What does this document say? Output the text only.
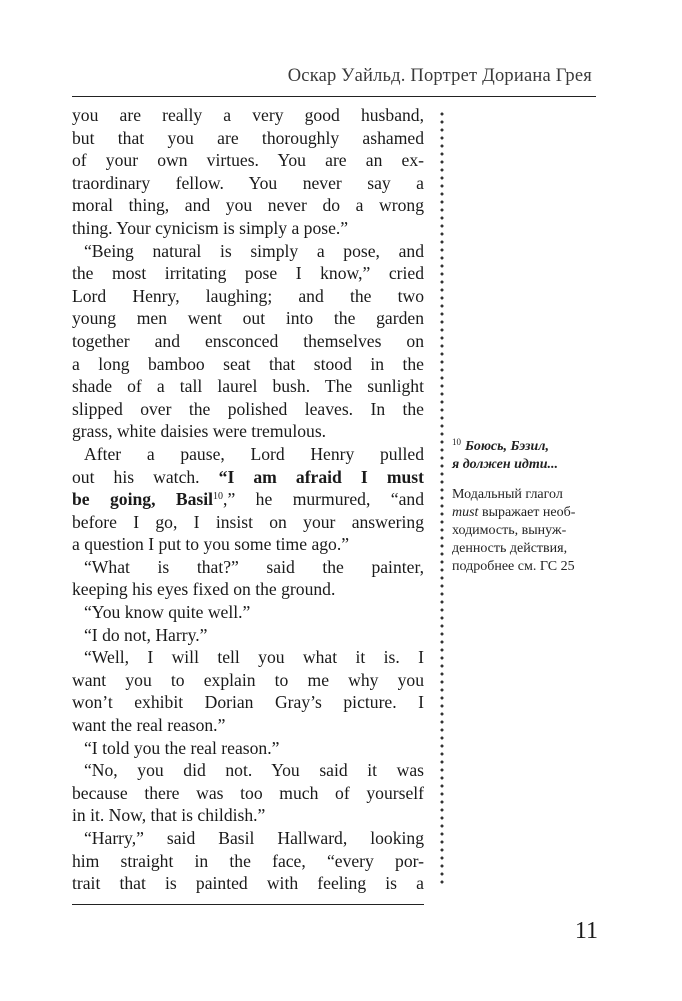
Оскар Уайльд. Портрет Дориана Грея
you are really a very good husband,
but that you are thoroughly ashamed
of your own virtues. You are an ex-
traordinary fellow. You never say a
moral thing, and you never do a wrong
thing. Your cynicism is simply a pose.”
“Being natural is simply a pose, and
the most irritating pose I know,” cried
Lord Henry, laughing; and the two
young men went out into the garden
together and ensconced themselves on
a long bamboo seat that stood in the
shade of a tall laurel bush. The sunlight
slipped over the polished leaves. In the
grass, white daisies were tremulous.
After a pause, Lord Henry pulled
out his watch. “I am afraid I must
be going, Basil$^{10}$,” he murmured, “and
before I go, I insist on your answering
a question I put to you some time ago.”
“What is that?” said the painter,
keeping his eyes fixed on the ground.
“You know quite well.”
“I do not, Harry.”
“Well, I will tell you what it is. I
want you to explain to me why you
won’t exhibit Dorian Gray’s picture. I
want the real reason.”
“I told you the real reason.”
“No, you did not. You said it was
because there was too much of yourself
in it. Now, that is childish.”
“Harry,” said Basil Hallward, looking
him straight in the face, “every por-
trait that is painted with feeling is a
$^{10}$ Боюсь, Бэзил,
я должен идти...
Модальный глагол
must выражает необ-
ходимость, вынуж-
денность действия,
подробнее см. ГС 25
11
